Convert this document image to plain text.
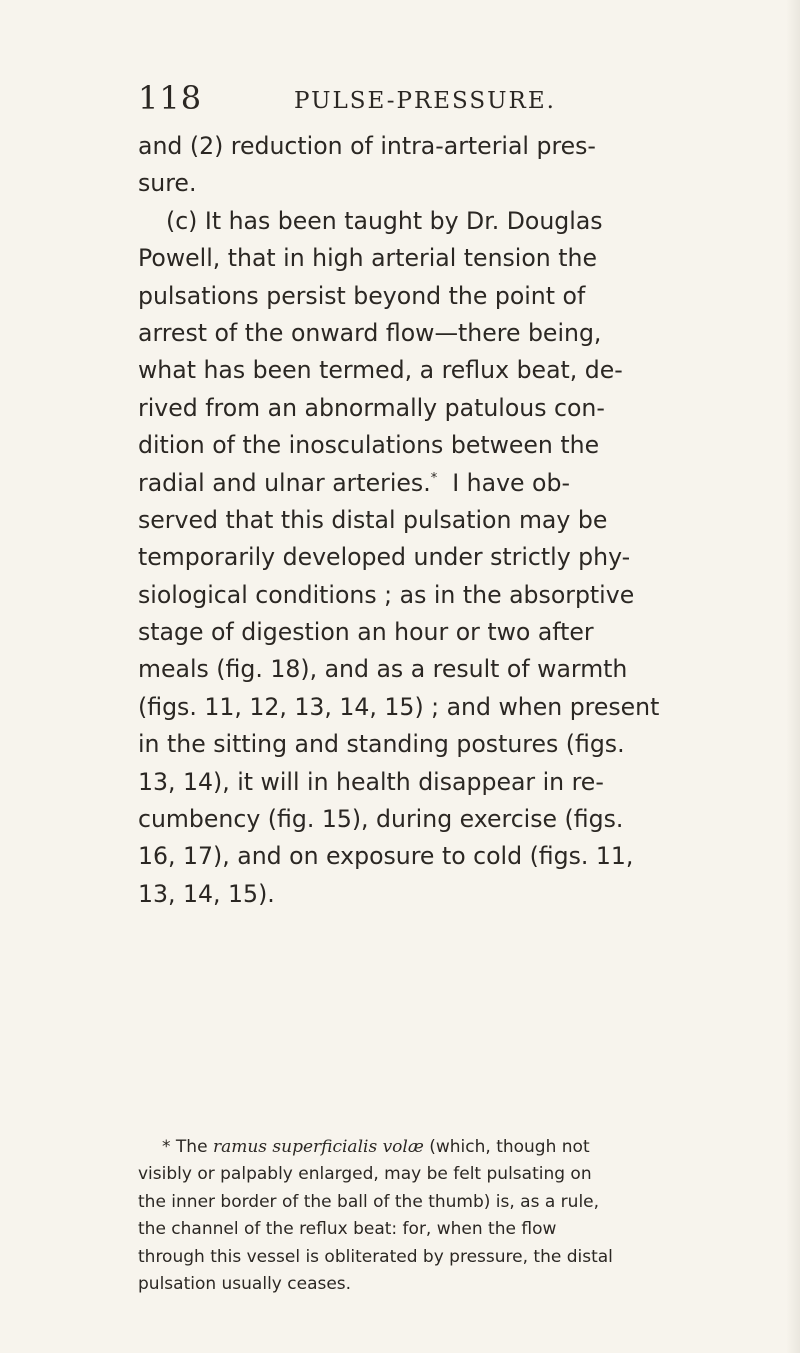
118	PULSE-PRESSURE.
and (2) reduction of intra-arterial pres-
sure.
(c) It has been taught by Dr. Douglas
Powell, that in high arterial tension the
pulsations persist beyond the point of
arrest of the onward flow—there being,
what has been termed, a reflux beat, de-
rived from an abnormally patulous con-
dition of the inosculations between the
radial and ulnar arteries.* I have ob-
served that this distal pulsation may be
temporarily developed under strictly phy-
siological conditions ; as in the absorptive
stage of digestion an hour or two after
meals (fig. 18), and as a result of warmth
(figs. 11, 12, 13, 14, 15) ; and when present
in the sitting and standing postures (figs.
13, 14), it will in health disappear in re-
cumbency (fig. 15), during exercise (figs.
16, 17), and on exposure to cold (figs. 11,
13, 14, 15).
* The ramus superficialis volæ (which, though not
visibly or palpably enlarged, may be felt pulsating on
the inner border of the ball of the thumb) is, as a rule,
the channel of the reflux beat: for, when the flow
through this vessel is obliterated by pressure, the distal
pulsation usually ceases.
